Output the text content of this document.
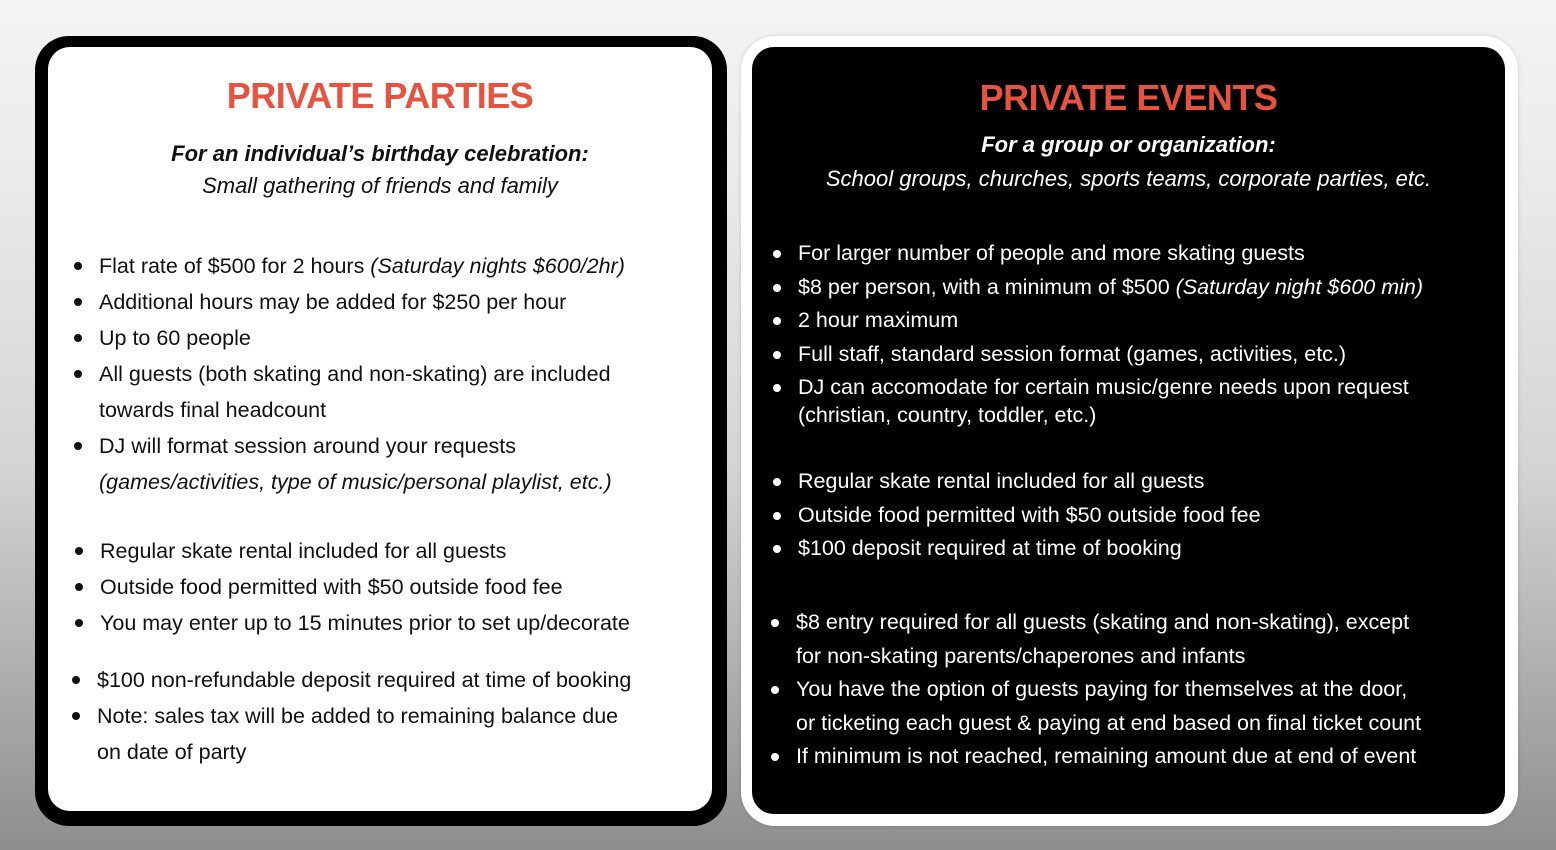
PRIVATE PARTIES
For an individual’s birthday celebration:
Small gathering of friends and family
Flat rate of $500 for 2 hours (Saturday nights $600/2hr)
Additional hours may be added for $250 per hour
Up to 60 people
All guests (both skating and non-skating) are included
towards final headcount
DJ will format session around your requests
(games/activities, type of music/personal playlist, etc.)
Regular skate rental included for all guests
Outside food permitted with $50 outside food fee
You may enter up to 15 minutes prior to set up/decorate
$100 non-refundable deposit required at time of booking
Note: sales tax will be added to remaining balance due
on date of party
PRIVATE EVENTS
For a group or organization:
School groups, churches, sports teams, corporate parties, etc.
For larger number of people and more skating guests
$8 per person, with a minimum of $500 (Saturday night $600 min)
2 hour maximum
Full staff, standard session format (games, activities, etc.)
DJ can accomodate for certain music/genre needs upon request
(christian, country, toddler, etc.)
Regular skate rental included for all guests
Outside food permitted with $50 outside food fee
$100 deposit required at time of booking
$8 entry required for all guests (skating and non-skating), except
for non-skating parents/chaperones and infants
You have the option of guests paying for themselves at the door,
or ticketing each guest & paying at end based on final ticket count
If minimum is not reached, remaining amount due at end of event
